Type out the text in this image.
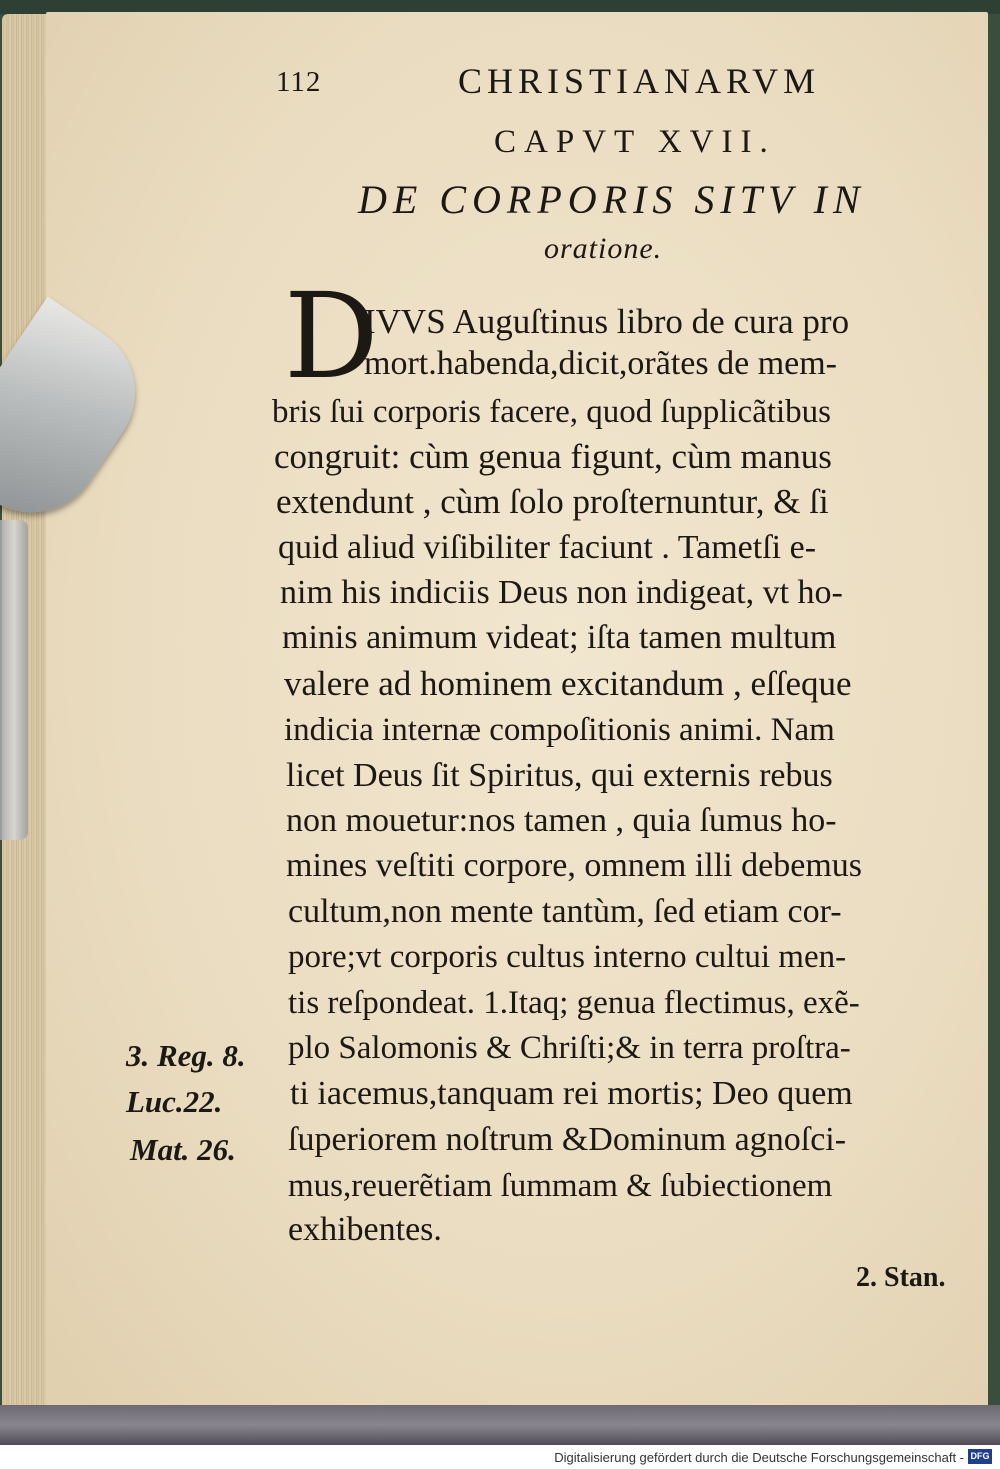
112	CHRISTIANARVM
CAPVT XVII.
DE CORPORIS SITV IN
oratione.
D
IVVS Auguſtinus libro de cura pro
mort.habenda,dicit,orãtes de mem-
bris ſui corporis facere, quod ſupplicãtibus
congruit: cùm genua figunt, cùm manus
extendunt , cùm ſolo proſternuntur, & ſi
quid aliud viſibiliter faciunt . Tametſi e-
nim his indiciis Deus non indigeat, vt ho-
minis animum videat; iſta tamen multum
valere ad hominem excitandum , eſſeque
indicia internæ compoſitionis animi. Nam
licet Deus ſit Spiritus, qui externis rebus
non mouetur:nos tamen , quia ſumus ho-
mines veſtiti corpore, omnem illi debemus
cultum,non mente tantùm, ſed etiam cor-
pore;vt corporis cultus interno cultui men-
tis reſpondeat. 1.Itaq; genua flectimus, exẽ-
plo Salomonis & Chriſti;& in terra proſtra-
ti iacemus,tanquam rei mortis; Deo quem
ſuperiorem noſtrum &Dominum agnoſci-
mus,reuerẽtiam ſummam & ſubiectionem
exhibentes.
3. Reg. 8.
Luc.22.
Mat. 26.
2. Stan.
Digitalisierung gefördert durch die Deutsche Forschungsgemeinschaft - DFG
